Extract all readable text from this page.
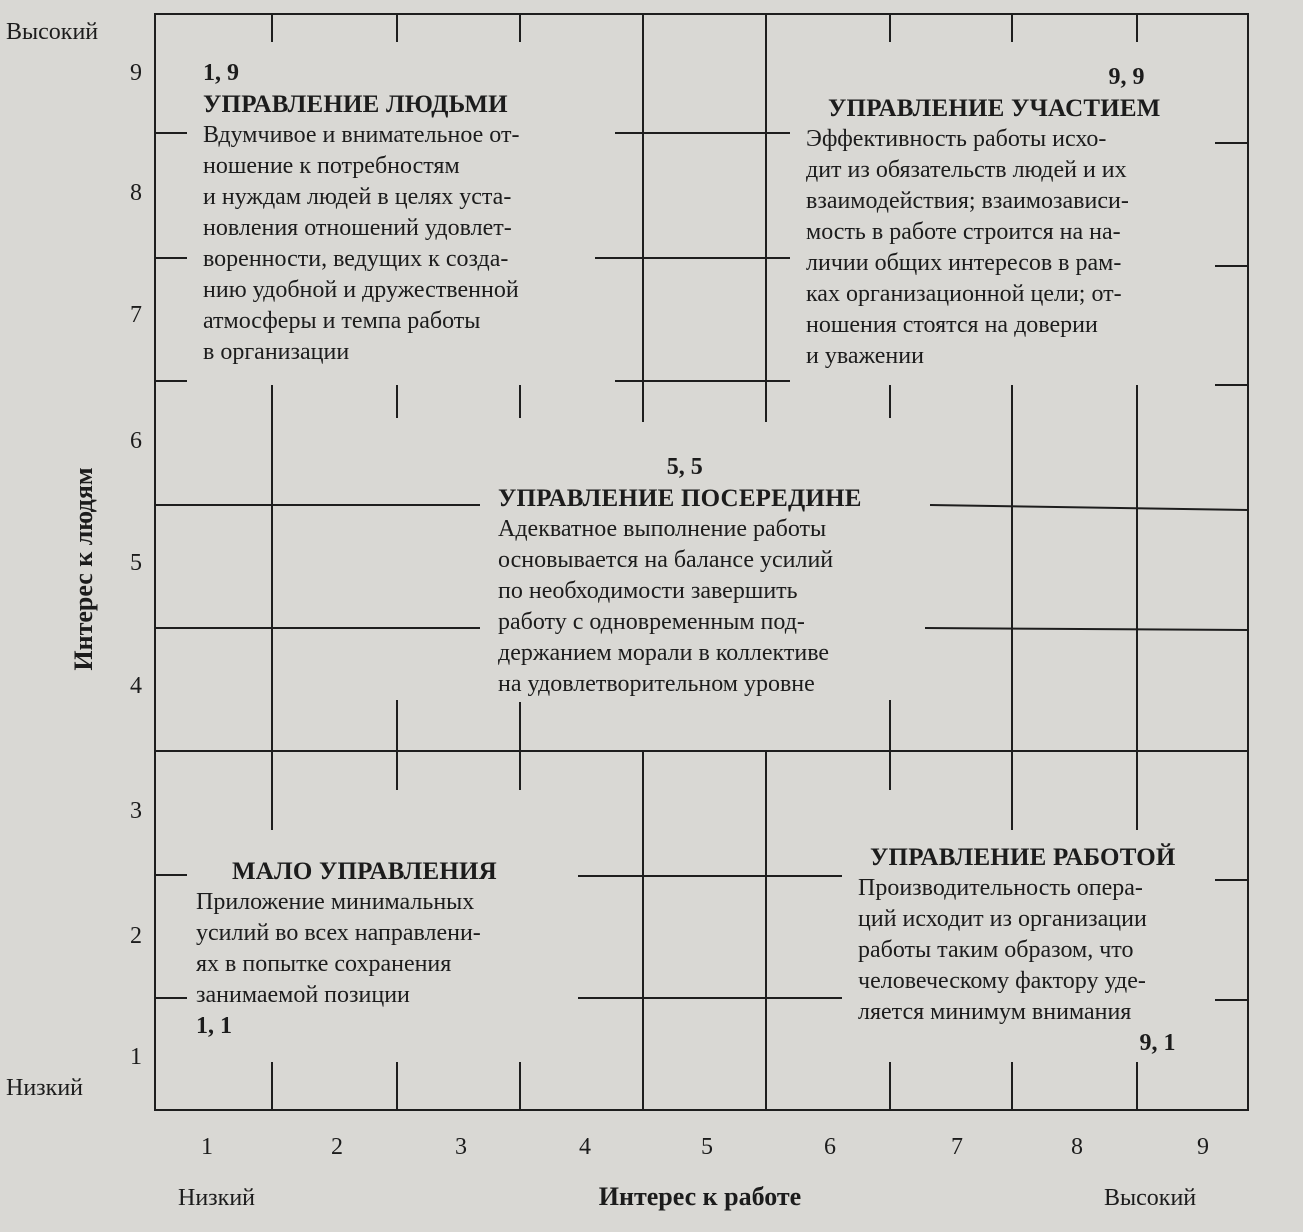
Высокий
Низкий
Низкий	Высокий
9
8
7
6
5
4
3
2
1
1	2	3	4	5	6	7	8	9
Интерес к людям
Интерес к работе
1, 9
УПРАВЛЕНИЕ ЛЮДЬМИ
Вдумчивое и внимательное от-
ношение к потребностям
и нуждам людей в целях уста-
новления отношений удовлет-
воренности, ведущих к созда-
нию удобной и дружественной
атмосферы и темпа работы
в организации
9, 9
УПРАВЛЕНИЕ УЧАСТИЕМ
Эффективность работы исхо-
дит из обязательств людей и их
взаимодействия; взаимозависи-
мость в работе строится на на-
личии общих интересов в рам-
ках организационной цели; от-
ношения стоятся на доверии
и уважении
5, 5
УПРАВЛЕНИЕ ПОСЕРЕДИНЕ
Адекватное выполнение работы
основывается на балансе усилий
по необходимости завершить
работу с одновременным под-
держанием морали в коллективе
на удовлетворительном уровне
МАЛО УПРАВЛЕНИЯ
Приложение минимальных
усилий во всех направлени-
ях в попытке сохранения
занимаемой позиции
1, 1
УПРАВЛЕНИЕ РАБОТОЙ
Производительность опера-
ций исходит из организации
работы таким образом, что
человеческому фактору уде-
ляется минимум внимания
9, 1
